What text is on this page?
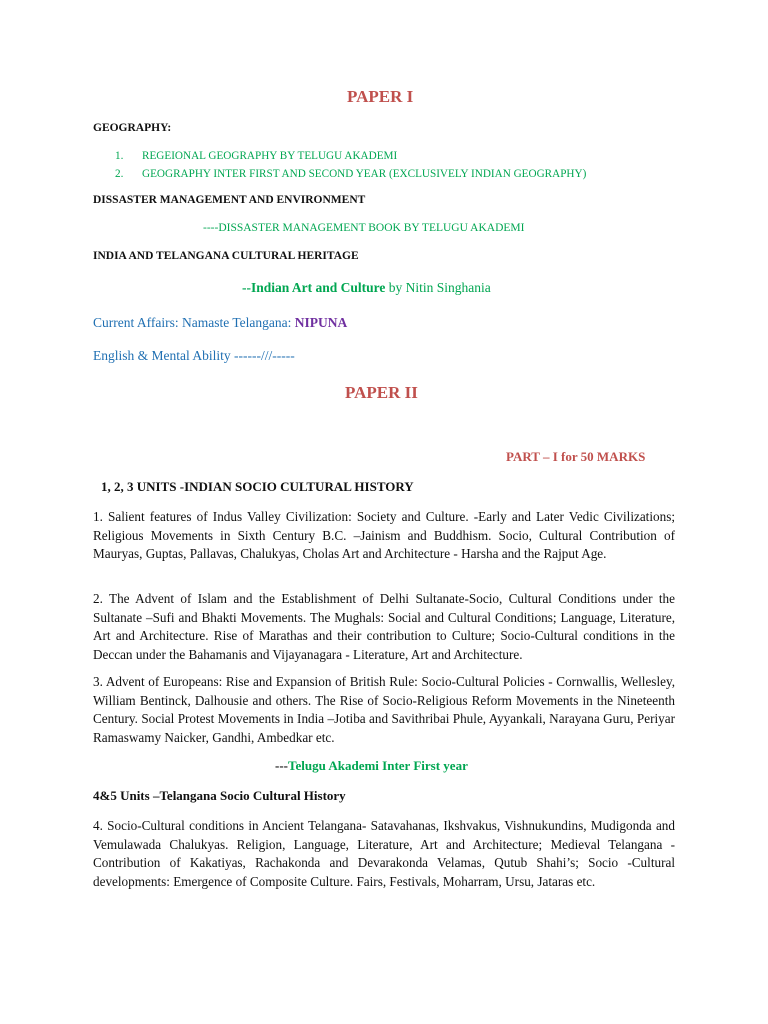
PAPER I
GEOGRAPHY:
1. REGEIONAL GEOGRAPHY BY TELUGU AKADEMI
2. GEOGRAPHY INTER FIRST AND SECOND YEAR (EXCLUSIVELY INDIAN GEOGRAPHY)
DISSASTER MANAGEMENT AND ENVIRONMENT
----DISSASTER MANAGEMENT BOOK BY TELUGU AKADEMI
INDIA AND TELANGANA CULTURAL HERITAGE
--Indian Art and Culture by Nitin Singhania
Current Affairs: Namaste Telangana: NIPUNA
English & Mental Ability ------///-----
PAPER II
PART – I for 50 MARKS
1, 2, 3 UNITS -INDIAN SOCIO CULTURAL HISTORY
1. Salient features of Indus Valley Civilization: Society and Culture. -Early and Later Vedic Civilizations; Religious Movements in Sixth Century B.C. –Jainism and Buddhism. Socio, Cultural Contribution of Mauryas, Guptas, Pallavas, Chalukyas, Cholas Art and Architecture - Harsha and the Rajput Age.
2. The Advent of Islam and the Establishment of Delhi Sultanate-Socio, Cultural Conditions under the Sultanate –Sufi and Bhakti Movements. The Mughals: Social and Cultural Conditions; Language, Literature, Art and Architecture. Rise of Marathas and their contribution to Culture; Socio-Cultural conditions in the Deccan under the Bahamanis and Vijayanagara - Literature, Art and Architecture.
3. Advent of Europeans: Rise and Expansion of British Rule: Socio-Cultural Policies - Cornwallis, Wellesley, William Bentinck, Dalhousie and others. The Rise of Socio-Religious Reform Movements in the Nineteenth Century. Social Protest Movements in India –Jotiba and Savithribai Phule, Ayyankali, Narayana Guru, Periyar Ramaswamy Naicker, Gandhi, Ambedkar etc.
---Telugu Akademi Inter First year
4&5 Units –Telangana Socio Cultural History
4. Socio-Cultural conditions in Ancient Telangana- Satavahanas, Ikshvakus, Vishnukundins, Mudigonda and Vemulawada Chalukyas. Religion, Language, Literature, Art and Architecture; Medieval Telangana - Contribution of Kakatiyas, Rachakonda and Devarakonda Velamas, Qutub Shahi’s; Socio -Cultural developments: Emergence of Composite Culture. Fairs, Festivals, Moharram, Ursu, Jataras etc.
